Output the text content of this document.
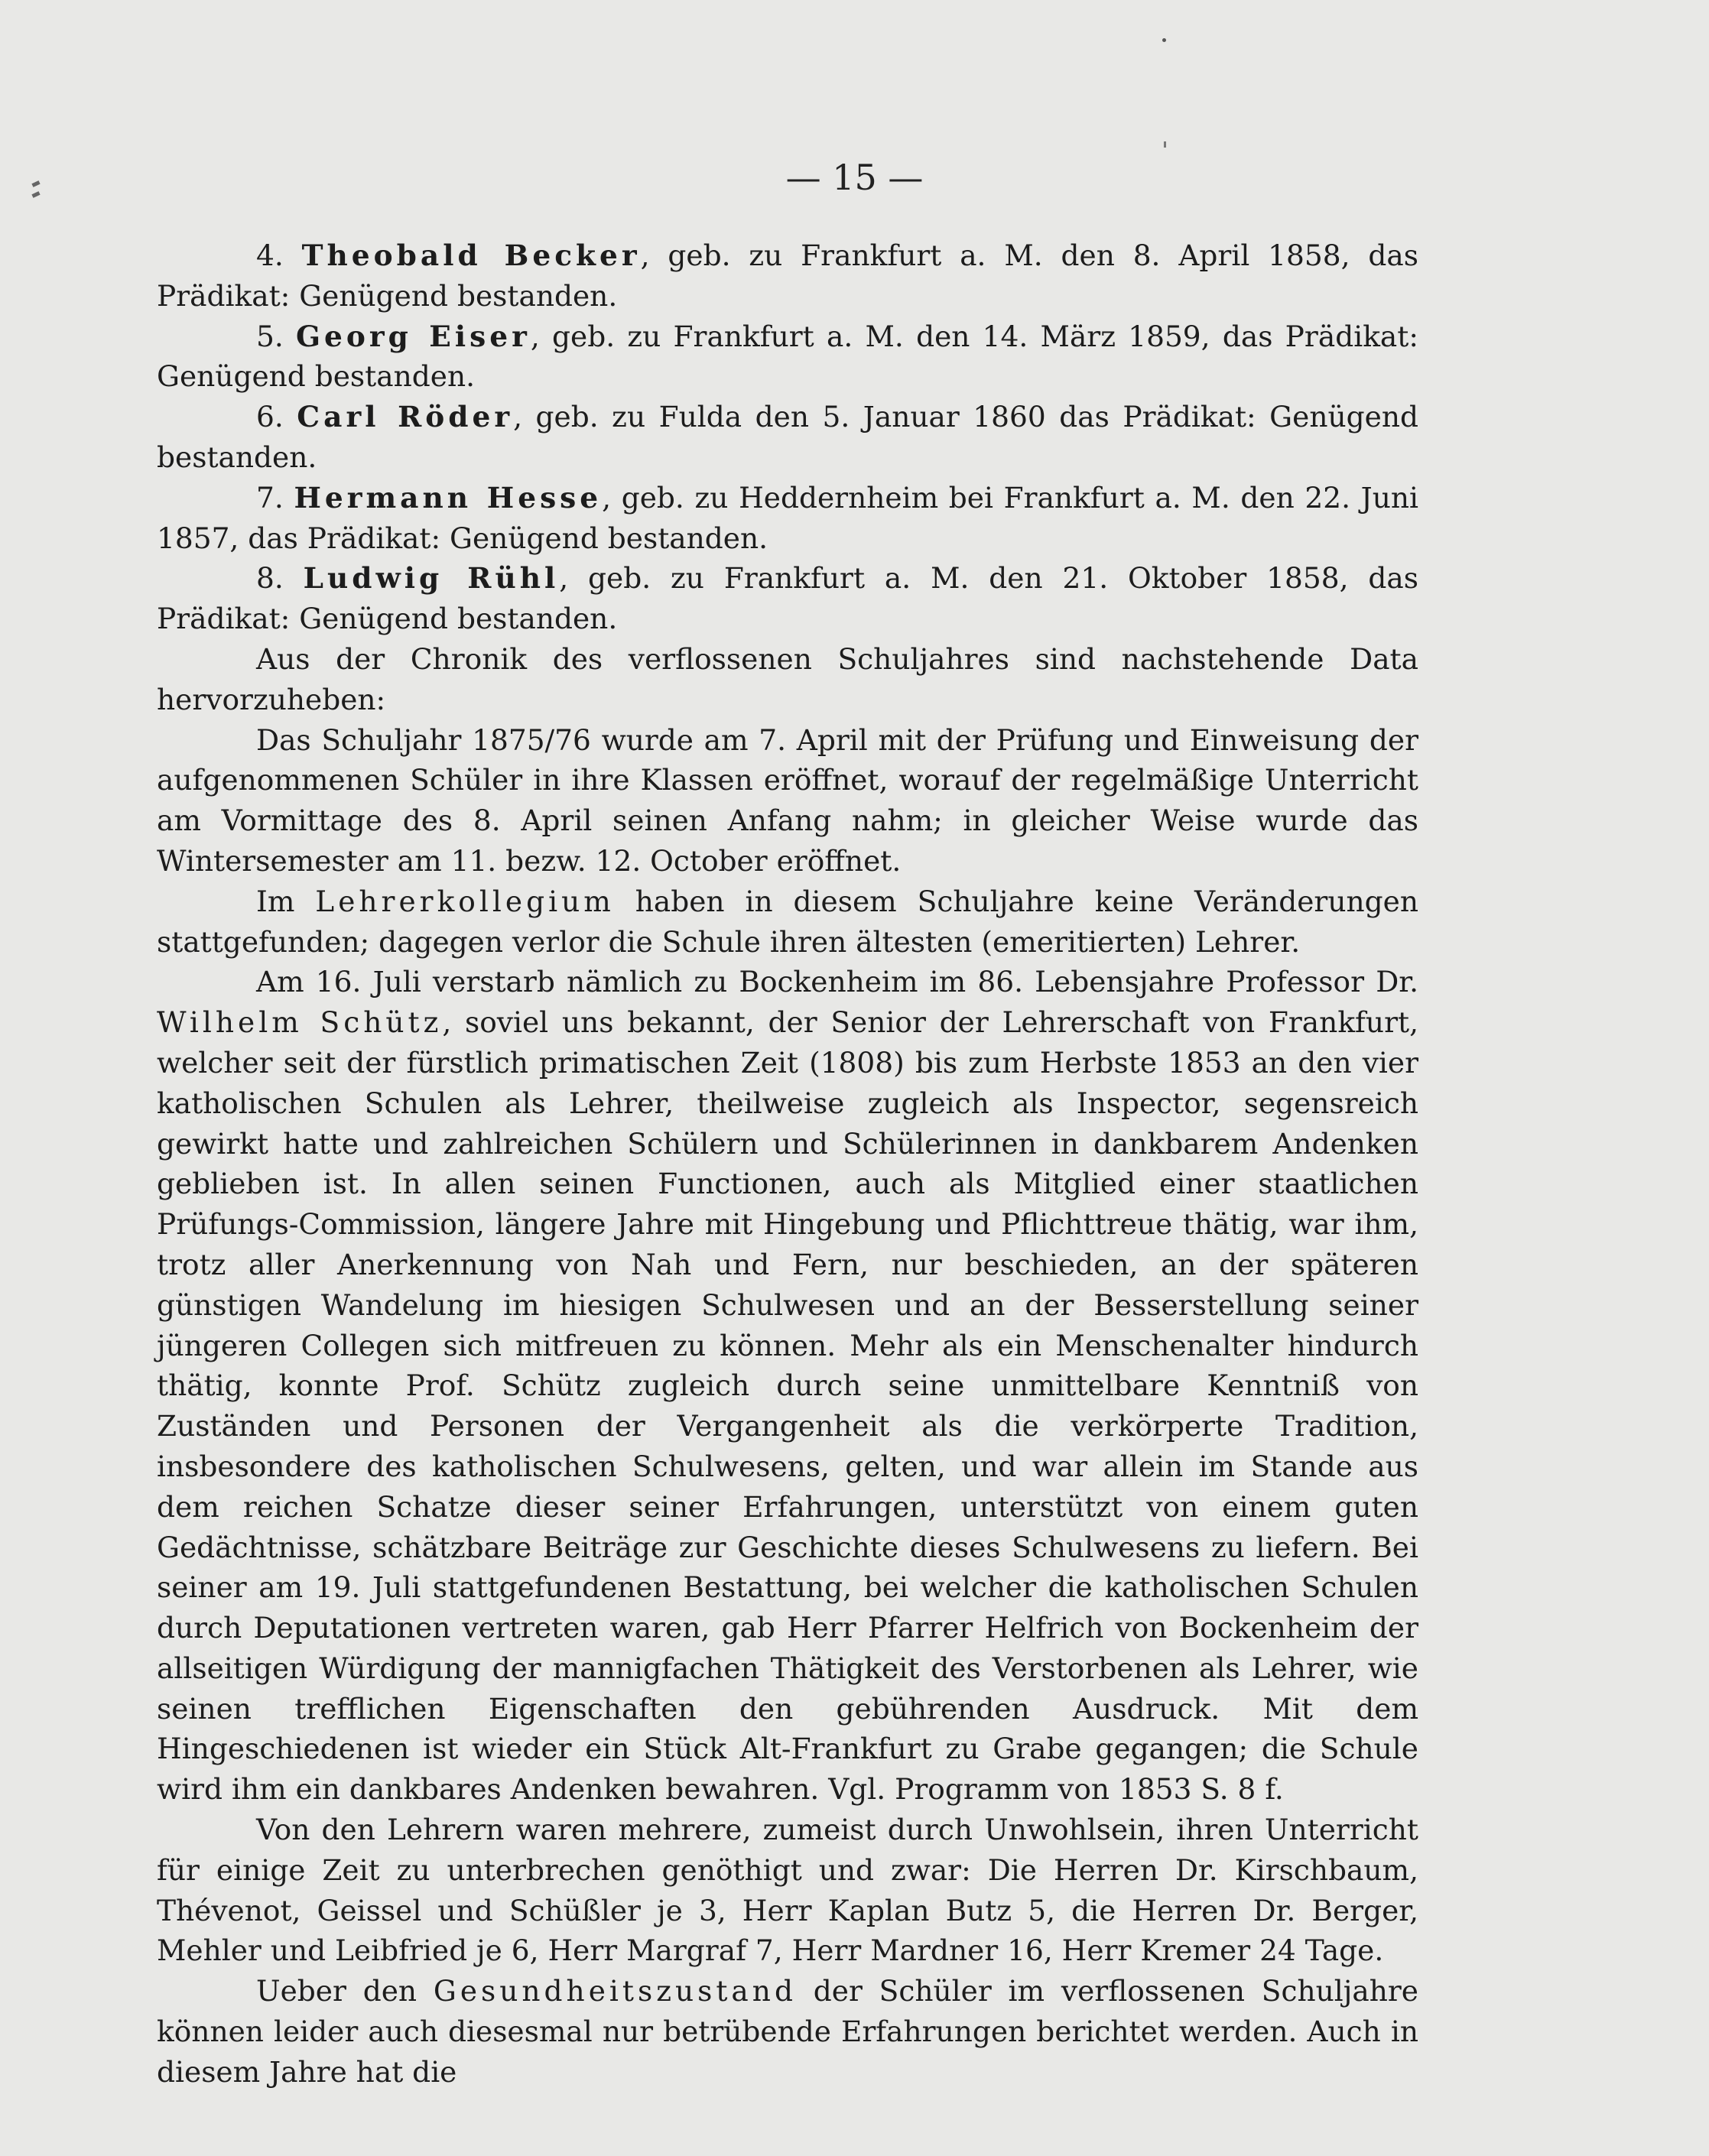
— 15 —

4. Theobald Becker, geb. zu Frankfurt a. M. den 8. April 1858, das Prädikat: Genügend bestanden.

5. Georg Eiser, geb. zu Frankfurt a. M. den 14. März 1859, das Prädikat: Genügend bestanden.

6. Carl Röder, geb. zu Fulda den 5. Januar 1860 das Prädikat: Genügend bestanden.

7. Hermann Hesse, geb. zu Heddernheim bei Frankfurt a. M. den 22. Juni 1857, das Prädikat: Genügend bestanden.

8. Ludwig Rühl, geb. zu Frankfurt a. M. den 21. Oktober 1858, das Prädikat: Genügend bestanden.

Aus der Chronik des verflossenen Schuljahres sind nachstehende Data hervorzuheben:

Das Schuljahr 1875/76 wurde am 7. April mit der Prüfung und Einweisung der aufgenommenen Schüler in ihre Klassen eröffnet, worauf der regelmäßige Unterricht am Vormittage des 8. April seinen Anfang nahm; in gleicher Weise wurde das Wintersemester am 11. bezw. 12. October eröffnet.

Im Lehrerkollegium haben in diesem Schuljahre keine Veränderungen stattgefunden; dagegen verlor die Schule ihren ältesten (emeritierten) Lehrer.

Am 16. Juli verstarb nämlich zu Bockenheim im 86. Lebensjahre Professor Dr. Wilhelm Schütz, soviel uns bekannt, der Senior der Lehrerschaft von Frankfurt, welcher seit der fürstlich primatischen Zeit (1808) bis zum Herbste 1853 an den vier katholischen Schulen als Lehrer, theilweise zugleich als Inspector, segensreich gewirkt hatte und zahlreichen Schülern und Schülerinnen in dankbarem Andenken geblieben ist. In allen seinen Functionen, auch als Mitglied einer staatlichen Prüfungs-Commission, längere Jahre mit Hingebung und Pflichttreue thätig, war ihm, trotz aller Anerkennung von Nah und Fern, nur beschieden, an der späteren günstigen Wandelung im hiesigen Schulwesen und an der Besserstellung seiner jüngeren Collegen sich mitfreuen zu können. Mehr als ein Menschenalter hindurch thätig, konnte Prof. Schütz zugleich durch seine unmittelbare Kenntniß von Zuständen und Personen der Vergangenheit als die verkörperte Tradition, insbesondere des katholischen Schulwesens, gelten, und war allein im Stande aus dem reichen Schatze dieser seiner Erfahrungen, unterstützt von einem guten Gedächtnisse, schätzbare Beiträge zur Geschichte dieses Schulwesens zu liefern. Bei seiner am 19. Juli stattgefundenen Bestattung, bei welcher die katholischen Schulen durch Deputationen vertreten waren, gab Herr Pfarrer Helfrich von Bockenheim der allseitigen Würdigung der mannigfachen Thätigkeit des Verstorbenen als Lehrer, wie seinen trefflichen Eigenschaften den gebührenden Ausdruck. Mit dem Hingeschiedenen ist wieder ein Stück Alt-Frankfurt zu Grabe gegangen; die Schule wird ihm ein dankbares Andenken bewahren. Vgl. Programm von 1853 S. 8 f.

Von den Lehrern waren mehrere, zumeist durch Unwohlsein, ihren Unterricht für einige Zeit zu unterbrechen genöthigt und zwar: Die Herren Dr. Kirschbaum, Thévenot, Geissel und Schüßler je 3, Herr Kaplan Butz 5, die Herren Dr. Berger, Mehler und Leibfried je 6, Herr Margraf 7, Herr Mardner 16, Herr Kremer 24 Tage.

Ueber den Gesundheitszustand der Schüler im verflossenen Schuljahre können leider auch diesesmal nur betrübende Erfahrungen berichtet werden. Auch in diesem Jahre hat die
